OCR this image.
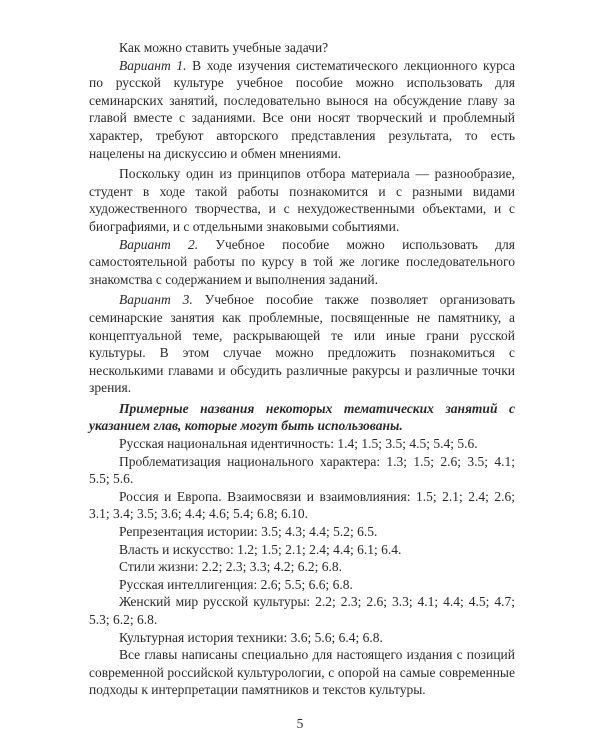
Как можно ставить учебные задачи?

Вариант 1. В ходе изучения систематического лекционного курса по русской культуре учебное пособие можно использовать для семинарских занятий, последовательно вынося на обсуждение главу за главой вместе с заданиями. Все они носят творческий и проблемный характер, требуют авторского представления результата, то есть нацелены на дискуссию и обмен мнениями.

Поскольку один из принципов отбора материала — разнообразие, студент в ходе такой работы познакомится и с разными видами художественного творчества, и с нехудожественными объектами, и с биографиями, и с отдельными знаковыми событиями.

Вариант 2. Учебное пособие можно использовать для самостоятельной работы по курсу в той же логике последовательного знакомства с содержанием и выполнения заданий.

Вариант 3. Учебное пособие также позволяет организовать семинарские занятия как проблемные, посвященные не памятнику, а концептуальной теме, раскрывающей те или иные грани русской культуры. В этом случае можно предложить познакомиться с несколькими главами и обсудить различные ракурсы и различные точки зрения.

Примерные названия некоторых тематических занятий с указанием глав, которые могут быть использованы.

Русская национальная идентичность: 1.4; 1.5; 3.5; 4.5; 5.4; 5.6.

Проблематизация национального характера: 1.3; 1.5; 2.6; 3.5; 4.1; 5.5; 5.6.

Россия и Европа. Взаимосвязи и взаимовлияния: 1.5; 2.1; 2.4; 2.6; 3.1; 3.4; 3.5; 3.6; 4.4; 4.6; 5.4; 6.8; 6.10.

Репрезентация истории: 3.5; 4.3; 4.4; 5.2; 6.5.

Власть и искусство: 1.2; 1.5; 2.1; 2.4; 4.4; 6.1; 6.4.

Стили жизни: 2.2; 2.3; 3.3; 4.2; 6.2; 6.8.

Русская интеллигенция: 2.6; 5.5; 6.6; 6.8.

Женский мир русской культуры: 2.2; 2.3; 2.6; 3.3; 4.1; 4.4; 4.5; 4.7; 5.3; 6.2; 6.8.

Культурная история техники: 3.6; 5.6; 6.4; 6.8.

Все главы написаны специально для настоящего издания с позиций современной российской культурологии, с опорой на самые современные подходы к интерпретации памятников и текстов культуры.

5
